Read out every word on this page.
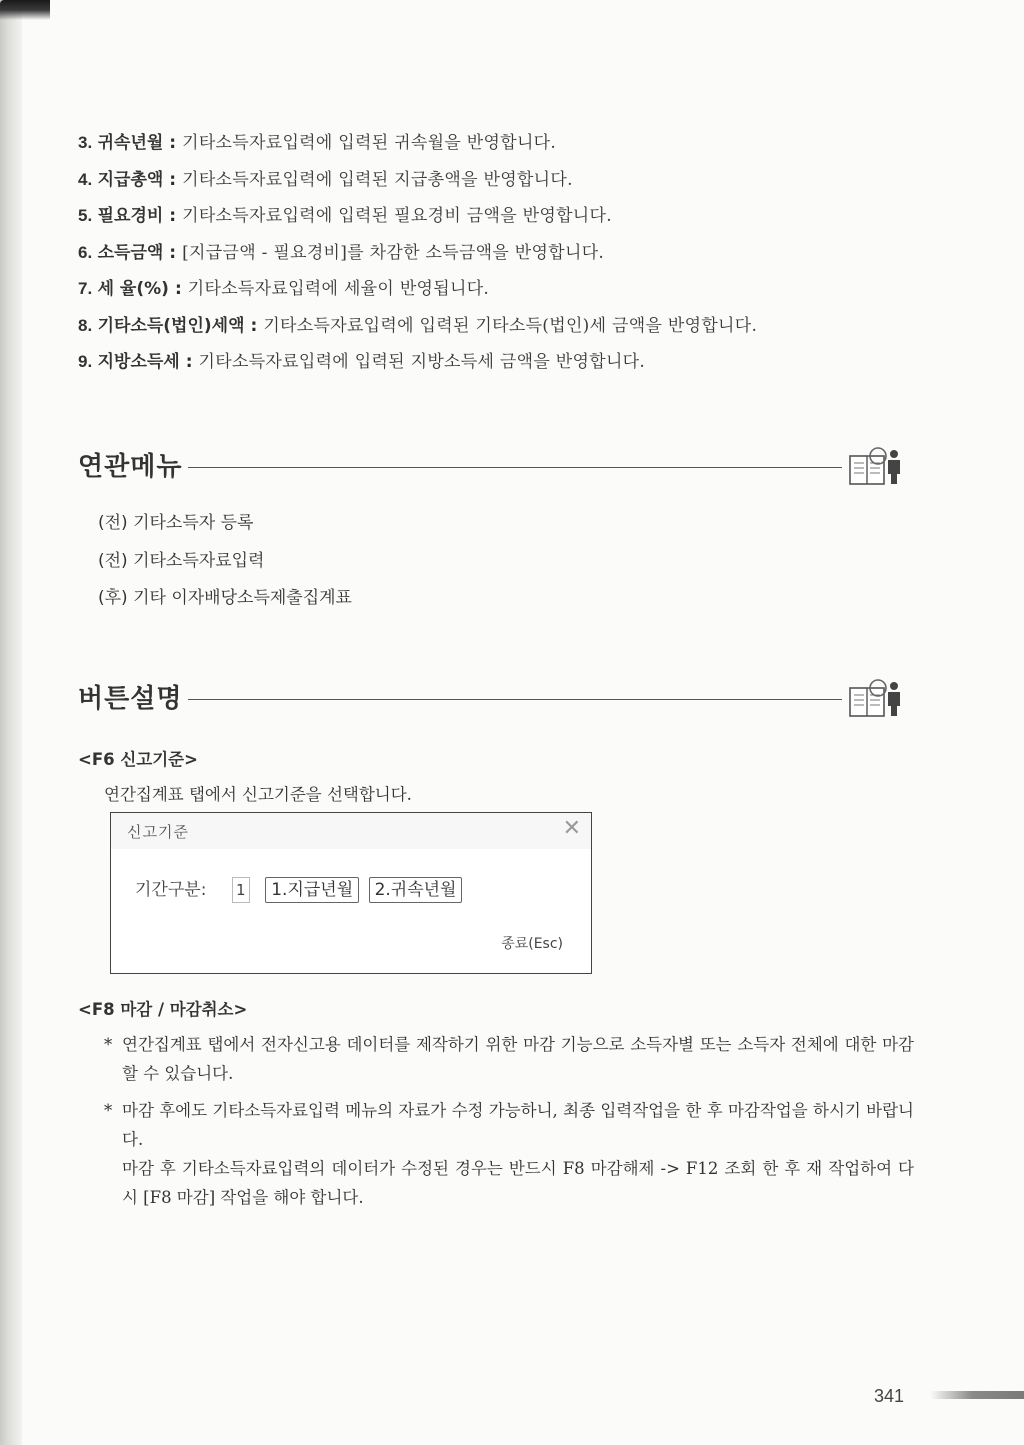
3. 귀속년월 : 기타소득자료입력에 입력된 귀속월을 반영합니다.
4. 지급총액 : 기타소득자료입력에 입력된 지급총액을 반영합니다.
5. 필요경비 : 기타소득자료입력에 입력된 필요경비 금액을 반영합니다.
6. 소득금액 : [지급금액 - 필요경비]를 차감한 소득금액을 반영합니다.
7. 세 율(%) : 기타소득자료입력에 세율이 반영됩니다.
8. 기타소득(법인)세액 : 기타소득자료입력에 입력된 기타소득(법인)세 금액을 반영합니다.
9. 지방소득세 : 기타소득자료입력에 입력된 지방소득세 금액을 반영합니다.
연관메뉴
(전) 기타소득자 등록
(전) 기타소득자료입력
(후) 기타 이자배당소득제출집계표
버튼설명
<F6 신고기준>
연간집계표 탭에서 신고기준을 선택합니다.
신고기준	✕
기간구분: 1 1.지급년월 2.귀속년월
종료(Esc)
<F8 마감 / 마감취소>
* 연간집계표 탭에서 전자신고용 데이터를 제작하기 위한 마감 기능으로 소득자별 또는 소득자 전체에 대한 마감할 수 있습니다.
* 마감 후에도 기타소득자료입력 메뉴의 자료가 수정 가능하니, 최종 입력작업을 한 후 마감작업을 하시기 바랍니다.
마감 후 기타소득자료입력의 데이터가 수정된 경우는 반드시 F8 마감해제 -> F12 조회 한 후 재 작업하여 다시 [F8 마감] 작업을 해야 합니다.
341
